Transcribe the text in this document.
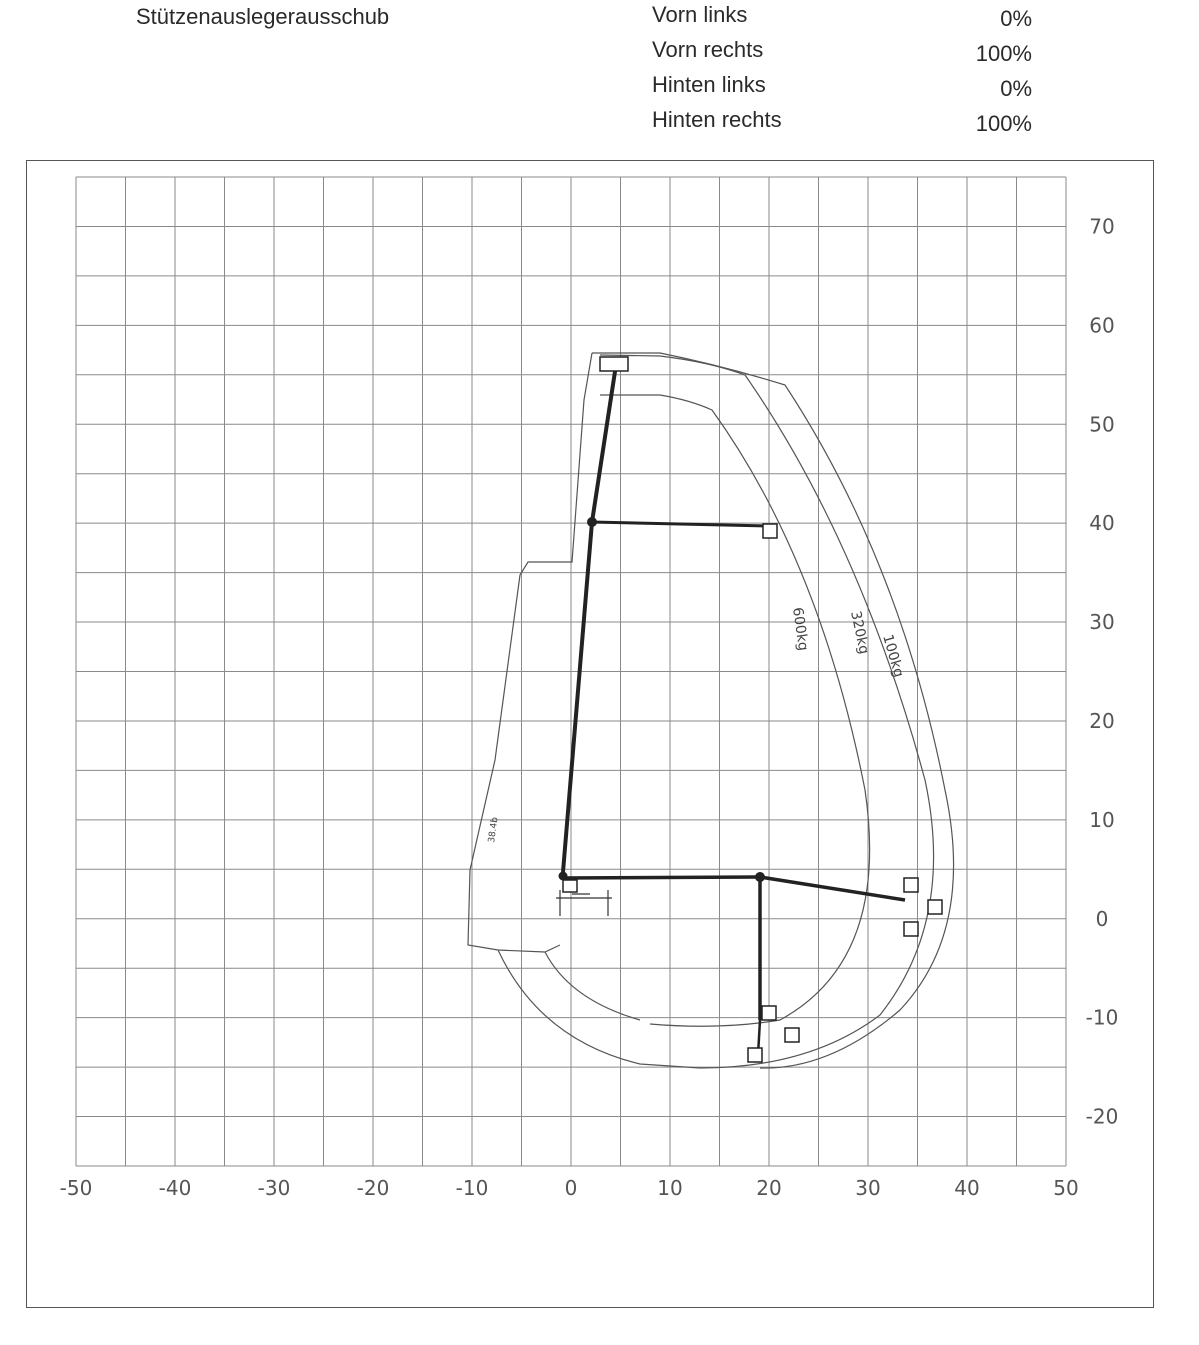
Stützenauslegerausschub	Vorn links	0%
Vorn rechts	100%
Hinten links	0%
Hinten rechts	100%
600kg	320kg
100kg
38.4b
-50	-40	-30	-20	-10	0	10	20	30	40	50
70
60
50
40
30
20
10
0
-10
-20
